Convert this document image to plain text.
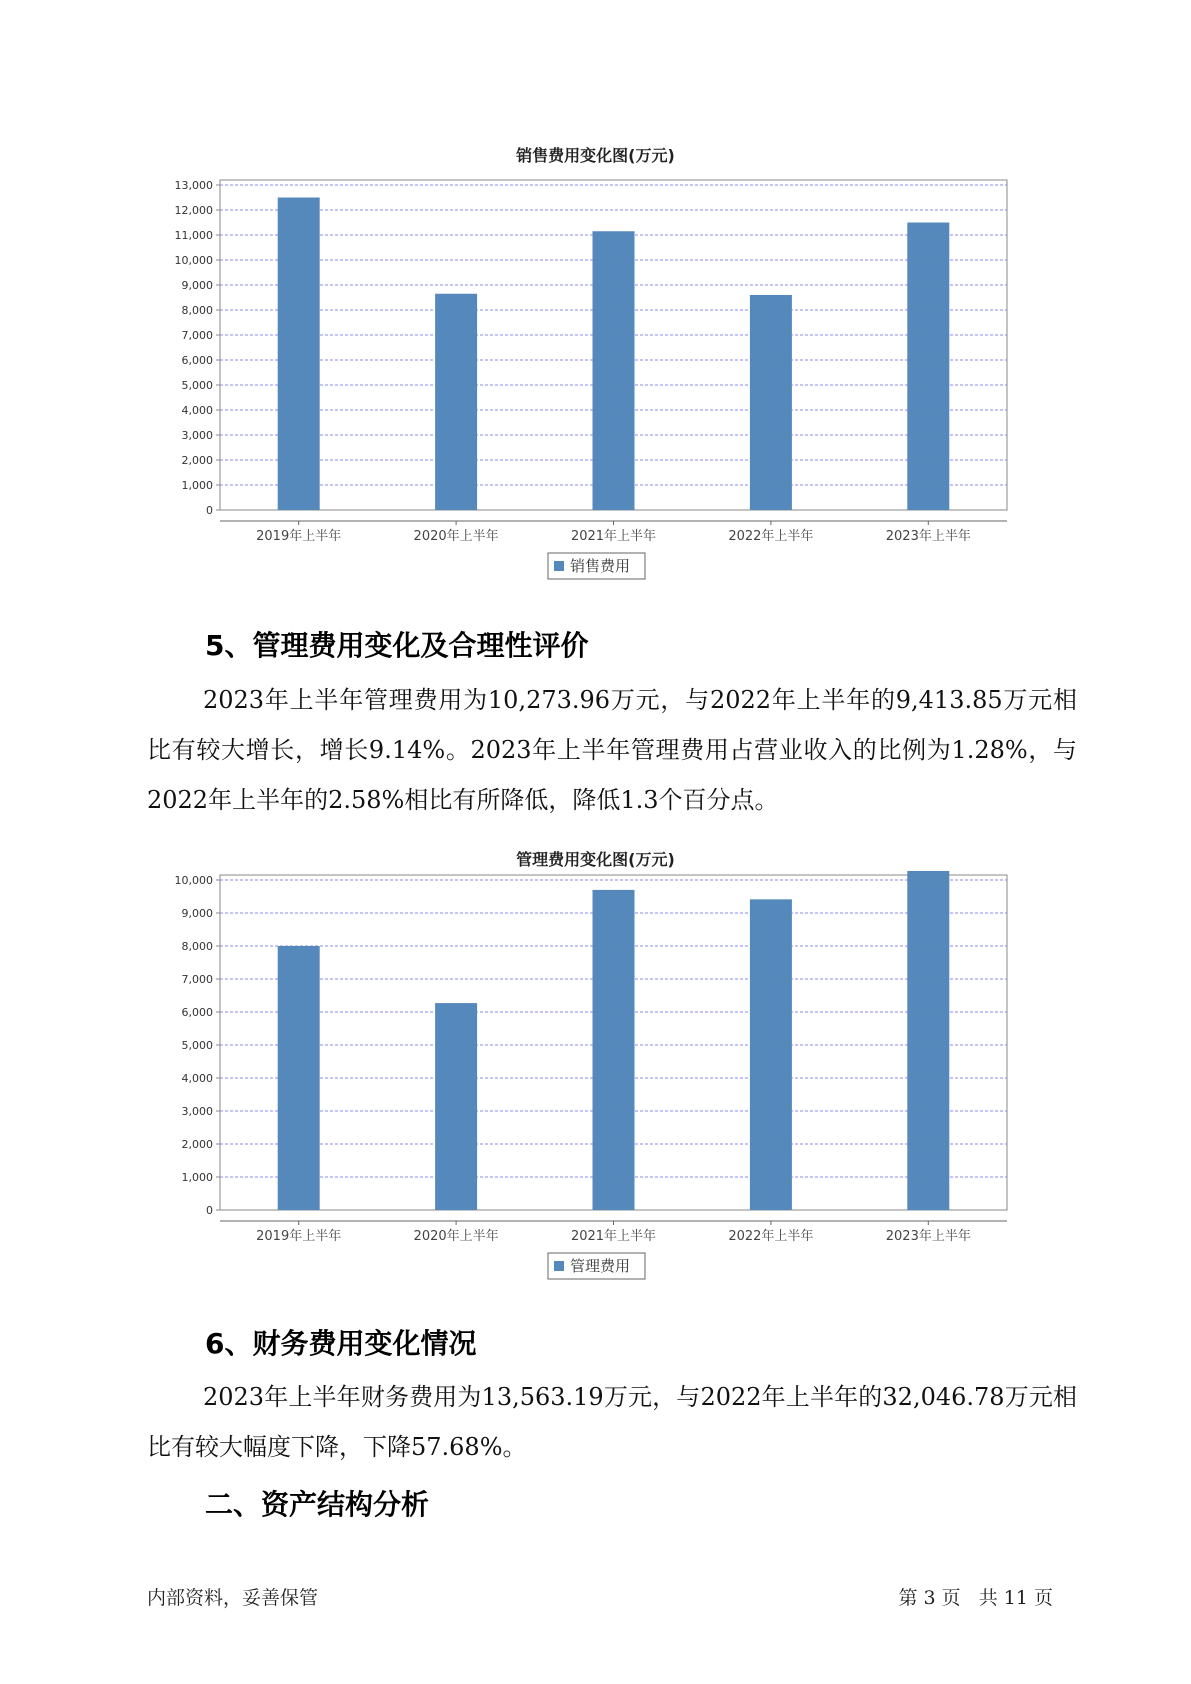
销售费用变化图(万元)
0
1,000
2,000
3,000
4,000
5,000
6,000
7,000
8,000
9,000
10,000
11,000
12,000
13,000
2019年上半年	2020年上半年	2021年上半年	2022年上半年	2023年上半年
销售费用
5、管理费用变化及合理性评价

2023年上半年管理费用为10,273.96万元，与2022年上半年的9,413.85万元相比有较大增长，增长9.14%。2023年上半年管理费用占营业收入的比例为1.28%，与2022年上半年的2.58%相比有所降低，降低1.3个百分点。

管理费用变化图(万元)
0
1,000
2,000
3,000
4,000
5,000
6,000
7,000
8,000
9,000
10,000
2019年上半年	2020年上半年	2021年上半年	2022年上半年	2023年上半年
管理费用
6、财务费用变化情况

2023年上半年财务费用为13,563.19万元，与2022年上半年的32,046.78万元相比有较大幅度下降，下降57.68%。

二、资产结构分析
内部资料，妥善保管	第 3 页   共 11 页
